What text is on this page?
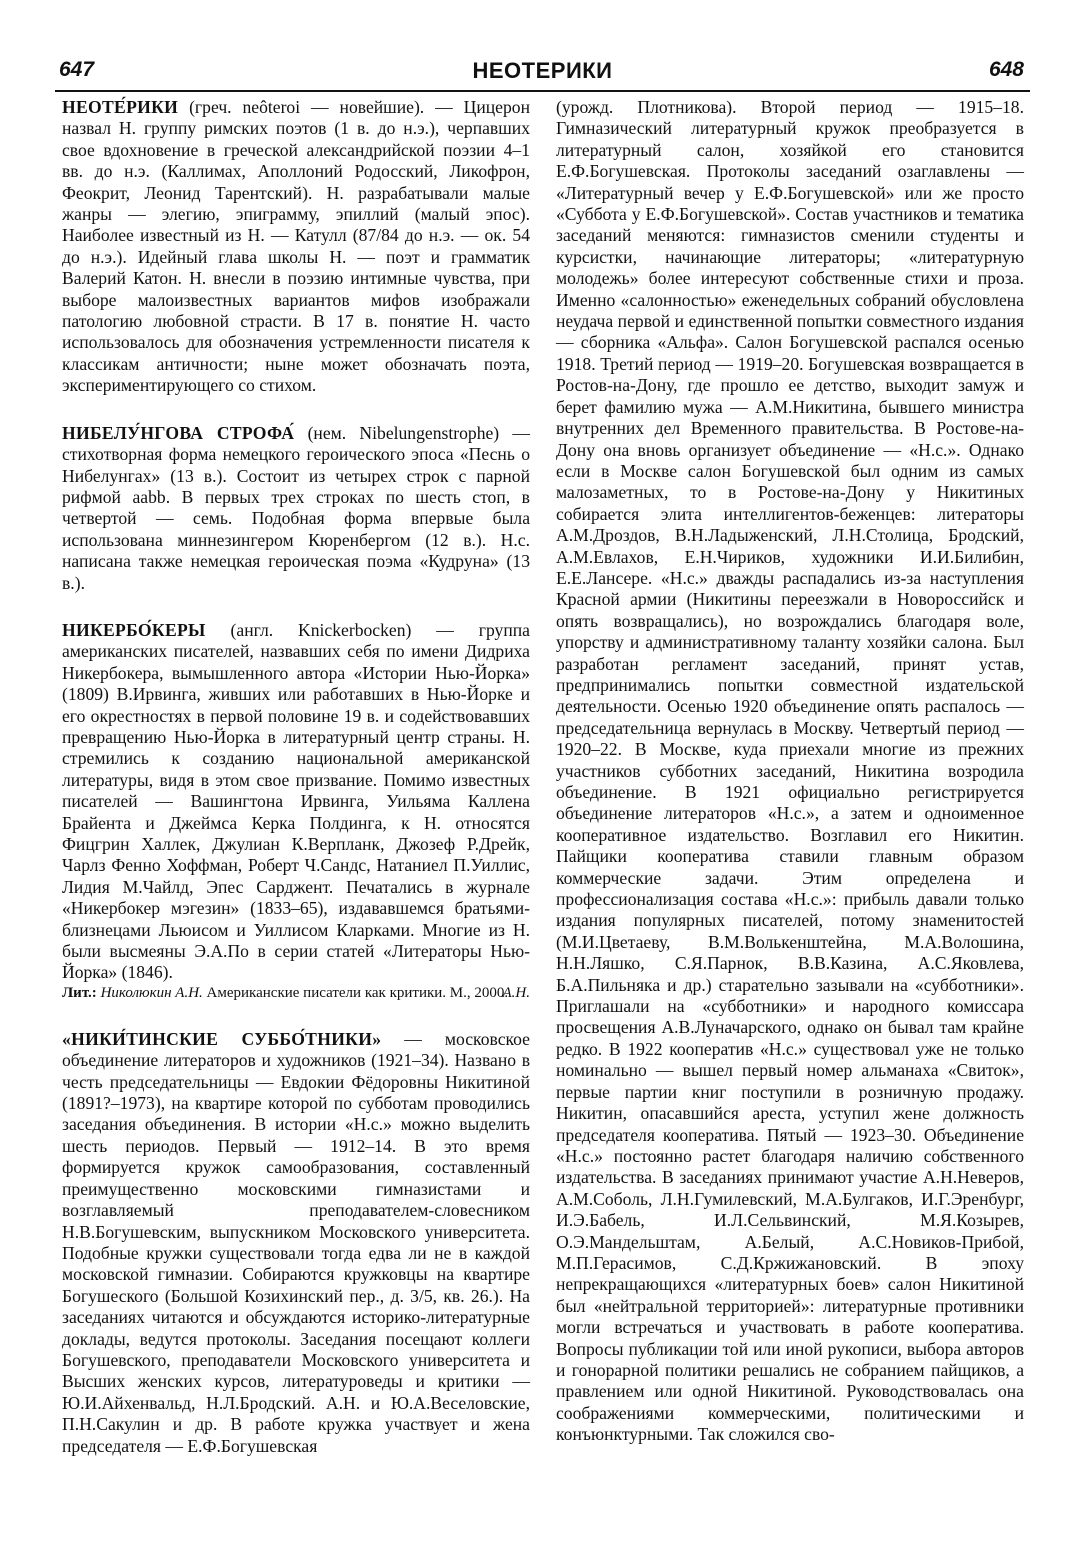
647	НЕОТЕРИКИ	648

НЕОТЕ́РИКИ (греч. neôteroi — новейшие). — Цицерон назвал Н. группу римских поэтов (1 в. до н.э.), черпавших свое вдохновение в греческой александрийской поэзии 4–1 вв. до н.э. (Каллимах, Аполлоний Родосский, Ликофрон, Феокрит, Леонид Тарентский). Н. разрабатывали малые жанры — элегию, эпиграмму, эпиллий (малый эпос). Наиболее известный из Н. — Катулл (87/84 до н.э. — ок. 54 до н.э.). Идейный глава школы Н. — поэт и грамматик Валерий Катон. Н. внесли в поэзию интимные чувства, при выборе малоизвестных вариантов мифов изображали патологию любовной страсти. В 17 в. понятие Н. часто использовалось для обозначения устремленности писателя к классикам античности; ныне может обозначать поэта, экспериментирующего со стихом.

НИБЕЛУ́НГОВА СТРОФА́ (нем. Nibelungenstrophe) — стихотворная форма немецкого героического эпоса «Песнь о Нибелунгах» (13 в.). Состоит из четырех строк с парной рифмой aabb. В первых трех строках по шесть стоп, в четвертой — семь. Подобная форма впервые была использована миннезингером Кюренбергом (12 в.). Н.с. написана также немецкая героическая поэма «Кудруна» (13 в.).

НИКЕРБО́КЕРЫ (англ. Knickerbocken) — группа американских писателей, назвавших себя по имени Дидриха Никербокера, вымышленного автора «Истории Нью-Йорка» (1809) В.Ирвинга, живших или работавших в Нью-Йорке и его окрестностях в первой половине 19 в. и содействовавших превращению Нью-Йорка в литературный центр страны. Н. стремились к созданию национальной американской литературы, видя в этом свое призвание. Помимо известных писателей — Вашингтона Ирвинга, Уильяма Каллена Брайента и Джеймса Керка Полдинга, к Н. относятся Фицгрин Халлек, Джулиан К.Верпланк, Джозеф Р.Дрейк, Чарлз Фенно Хоффман, Роберт Ч.Сандс, Натаниел П.Уиллис, Лидия М.Чайлд, Эпес Сарджент. Печатались в журнале «Никербокер мэгезин» (1833–65), издававшемся братьями-близнецами Льюисом и Уиллисом Кларками. Многие из Н. были высмеяны Э.А.По в серии статей «Литераторы Нью-Йорка» (1846).

Лит.: Николюкин А.Н. Американские писатели как критики. М., 2000.

А.Н.

«НИКИ́ТИНСКИЕ СУББО́ТНИКИ» — московское объединение литераторов и художников (1921–34). Названо в честь председательницы — Евдокии Фёдоровны Никитиной (1891?–1973), на квартире которой по субботам проводились заседания объединения. В истории «Н.с.» можно выделить шесть периодов. Первый — 1912–14. В это время формируется кружок самообразования, составленный преимущественно московскими гимназистами и возглавляемый преподавателем-словесником Н.В.Богушевским, выпускником Московского университета. Подобные кружки существовали тогда едва ли не в каждой московской гимназии. Собираются кружковцы на квартире Богушеского (Большой Козихинский пер., д. 3/5, кв. 26.). На заседаниях читаются и обсуждаются историко-литературные доклады, ведутся протоколы. Заседания посещают коллеги Богушевского, преподаватели Московского университета и Высших женских курсов, литературоведы и критики — Ю.И.Айхенвальд, Н.Л.Бродский. А.Н. и Ю.А.Веселовские, П.Н.Сакулин и др. В работе кружка участвует и жена председателя — Е.Ф.Богушевская

(урожд. Плотникова). Второй период — 1915–18. Гимназический литературный кружок преобразуется в литературный салон, хозяйкой его становится Е.Ф.Богушевская. Протоколы заседаний озаглавлены — «Литературный вечер у Е.Ф.Богушевской» или же просто «Суббота у Е.Ф.Богушевской». Состав участников и тематика заседаний меняются: гимназистов сменили студенты и курсистки, начинающие литераторы; «литературную молодежь» более интересуют собственные стихи и проза. Именно «салонностью» еженедельных собраний обусловлена неудача первой и единственной попытки совместного издания — сборника «Альфа». Салон Богушевской распался осенью 1918. Третий период — 1919–20. Богушевская возвращается в Ростов-на-Дону, где прошло ее детство, выходит замуж и берет фамилию мужа — А.М.Никитина, бывшего министра внутренних дел Временного правительства. В Ростове-на-Дону она вновь организует объединение — «Н.с.». Однако если в Москве салон Богушевской был одним из самых малозаметных, то в Ростове-на-Дону у Никитиных собирается элита интеллигентов-беженцев: литераторы А.М.Дроздов, В.Н.Ладыженский, Л.Н.Столица, Бродский, А.М.Евлахов, Е.Н.Чириков, художники И.И.Билибин, Е.Е.Лансере. «Н.с.» дважды распадались из-за наступления Красной армии (Никитины переезжали в Новороссийск и опять возвращались), но возрождались благодаря воле, упорству и административному таланту хозяйки салона. Был разработан регламент заседаний, принят устав, предпринимались попытки совместной издательской деятельности. Осенью 1920 объединение опять распалось — председательница вернулась в Москву. Четвертый период — 1920–22. В Москве, куда приехали многие из прежних участников субботних заседаний, Никитина возродила объединение. В 1921 официально регистрируется объединение литераторов «Н.с.», а затем и одноименное кооперативное издательство. Возглавил его Никитин. Пайщики кооператива ставили главным образом коммерческие задачи. Этим определена и профессионализация состава «Н.с.»: прибыль давали только издания популярных писателей, потому знаменитостей (М.И.Цветаеву, В.М.Волькенштейна, М.А.Волошина, Н.Н.Ляшко, С.Я.Парнок, В.В.Казина, А.С.Яковлева, Б.А.Пильняка и др.) старательно зазывали на «субботники». Приглашали на «субботники» и народного комиссара просвещения А.В.Луначарского, однако он бывал там крайне редко. В 1922 кооператив «Н.с.» существовал уже не только номинально — вышел первый номер альманаха «Свиток», первые партии книг поступили в розничную продажу. Никитин, опасавшийся ареста, уступил жене должность председателя кооператива. Пятый — 1923–30. Объединение «Н.с.» постоянно растет благодаря наличию собственного издательства. В заседаниях принимают участие А.Н.Неверов, А.М.Соболь, Л.Н.Гумилевский, М.А.Булгаков, И.Г.Эренбург, И.Э.Бабель, И.Л.Сельвинский, М.Я.Козырев, О.Э.Мандельштам, А.Белый, А.С.Новиков-Прибой, М.П.Герасимов, С.Д.Кржижановский. В эпоху непрекращающихся «литературных боев» салон Никитиной был «нейтральной территорией»: литературные противники могли встречаться и участвовать в работе кооператива. Вопросы публикации той или иной рукописи, выбора авторов и гонорарной политики решались не собранием пайщиков, а правлением или одной Никитиной. Руководствовалась она соображениями коммерческими, политическими и конъюнктурными. Так сложился сво-
